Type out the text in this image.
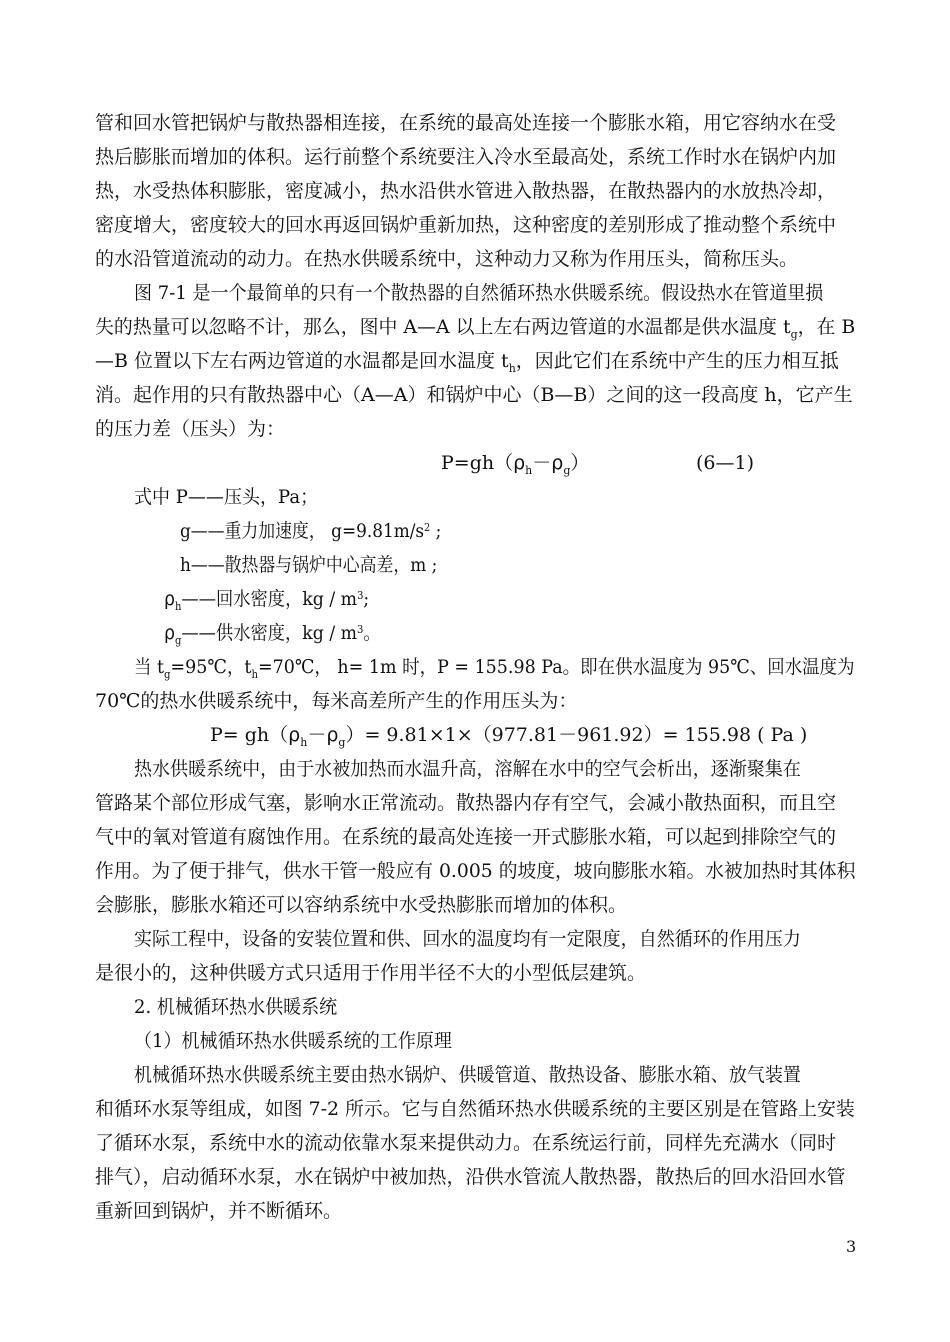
管和回水管把锅炉与散热器相连接，在系统的最高处连接一个膨胀水箱，用它容纳水在受
热后膨胀而增加的体积。运行前整个系统要注入冷水至最高处，系统工作时水在锅炉内加
热，水受热体积膨胀，密度减小，热水沿供水管进入散热器，在散热器内的水放热冷却，
密度增大，密度较大的回水再返回锅炉重新加热，这种密度的差别形成了推动整个系统中
的水沿管道流动的动力。在热水供暖系统中，这种动力又称为作用压头，简称压头。
图 7-1 是一个最简单的只有一个散热器的自然循环热水供暖系统。假设热水在管道里损
失的热量可以忽略不计，那么，图中 A—A 以上左右两边管道的水温都是供水温度 $t_g$，在 B
—B 位置以下左右两边管道的水温都是回水温度 $t_h$，因此它们在系统中产生的压力相互抵
消。起作用的只有散热器中心（A—A）和锅炉中心（B—B）之间的这一段高度 h，它产生
的压力差（压头）为：
$P=gh(\rho_h-\rho_g)$	(6—1)
式中 P——压头，Pa；
g——重力加速度， $g=9.81m/s^2$ ;
h——散热器与锅炉中心高差，m ;
$\rho_h——$回水密度，kg / $m^3$;
$\rho_g——$供水密度，kg / $m^3$。
当 $t_g=95℃$，$t_h=70℃$， h= 1m 时，P = 155.98 Pa。即在供水温度为 95℃、回水温度为
70℃的热水供暖系统中，每米高差所产生的作用压头为：
$P= gh(\rho_h-\rho_g)= 9.81\times 1\times(977.81-961.92)= 155.98$ ( Pa )
热水供暖系统中，由于水被加热而水温升高，溶解在水中的空气会析出，逐渐聚集在
管路某个部位形成气塞，影响水正常流动。散热器内存有空气，会减小散热面积，而且空
气中的氧对管道有腐蚀作用。在系统的最高处连接一开式膨胀水箱，可以起到排除空气的
作用。为了便于排气，供水干管一般应有 0.005 的坡度，坡向膨胀水箱。水被加热时其体积
会膨胀，膨胀水箱还可以容纳系统中水受热膨胀而增加的体积。
实际工程中，设备的安装位置和供、回水的温度均有一定限度，自然循环的作用压力
是很小的，这种供暖方式只适用于作用半径不大的小型低层建筑。
2. 机械循环热水供暖系统
（1）机械循环热水供暖系统的工作原理
机械循环热水供暖系统主要由热水锅炉、供暖管道、散热设备、膨胀水箱、放气装置
和循环水泵等组成，如图 7-2 所示。它与自然循环热水供暖系统的主要区别是在管路上安装
了循环水泵，系统中水的流动依靠水泵来提供动力。在系统运行前，同样先充满水（同时
排气），启动循环水泵，水在锅炉中被加热，沿供水管流人散热器，散热后的回水沿回水管
重新回到锅炉，并不断循环。
3
